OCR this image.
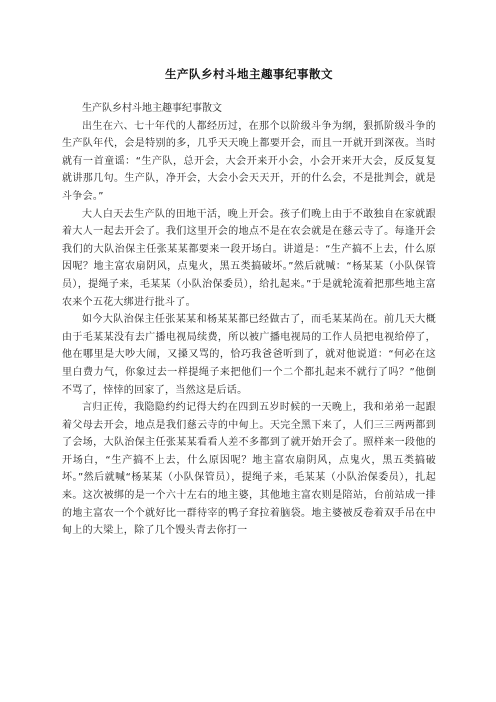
生产队乡村斗地主趣事纪事散文
生产队乡村斗地主趣事纪事散文

出生在六、七十年代的人都经历过，在那个以阶级斗争为纲，狠抓阶级斗争的生产队年代，会是特别的多，几乎天天晚上都要开会，而且一开就开到深夜。当时就有一首童谣：“生产队，总开会，大会开来开小会，小会开来开大会，反反复复就讲那几句。生产队，净开会，大会小会天天开，开的什么会，不是批判会，就是斗争会。”

大人白天去生产队的田地干活，晚上开会。孩子们晚上由于不敢独自在家就跟着大人一起去开会了。我们这里开会的地点不是在农会就是在慈云寺了。每逢开会我们的大队治保主任张某某都要来一段开场白。讲道是：“生产搞不上去，什么原因呢？地主富农扇阴风，点鬼火，黑五类搞破坏。”然后就喊：“杨某某（小队保管员），提绳子来，毛某某（小队治保委员），给扎起来。”于是就轮流着把那些地主富农来个五花大绑进行批斗了。

如今大队治保主任张某某和杨某某都已经做古了，而毛某某尚在。前几天大概由于毛某某没有去广播电视局续费，所以被广播电视局的工作人员把电视给停了，他在哪里是大吵大闹，又搡又骂的，恰巧我爸爸听到了，就对他说道：“何必在这里白费力气，你象过去一样提绳子来把他们一个二个都扎起来不就行了吗？”他倒不骂了，悻悻的回家了，当然这是后话。

言归正传，我隐隐约约记得大约在四到五岁时候的一天晚上，我和弟弟一起跟着父母去开会，地点是我们慈云寺的中甸上。天完全黑下来了，人们三三两两都到了会场，大队治保主任张某某看看人差不多都到了就开始开会了。照样来一段他的开场白，“生产搞不上去，什么原因呢？地主富农扇阴风，点鬼火，黑五类搞破坏。”然后就喊“杨某某（小队保管员），提绳子来，毛某某（小队治保委员），扎起来。这次被绑的是一个六十左右的地主婆，其他地主富农则是陪站，台前站成一排的地主富农一个个就好比一群待宰的鸭子耷拉着脑袋。地主婆被反卷着双手吊在中甸上的大梁上，除了几个馒头青去你打一
